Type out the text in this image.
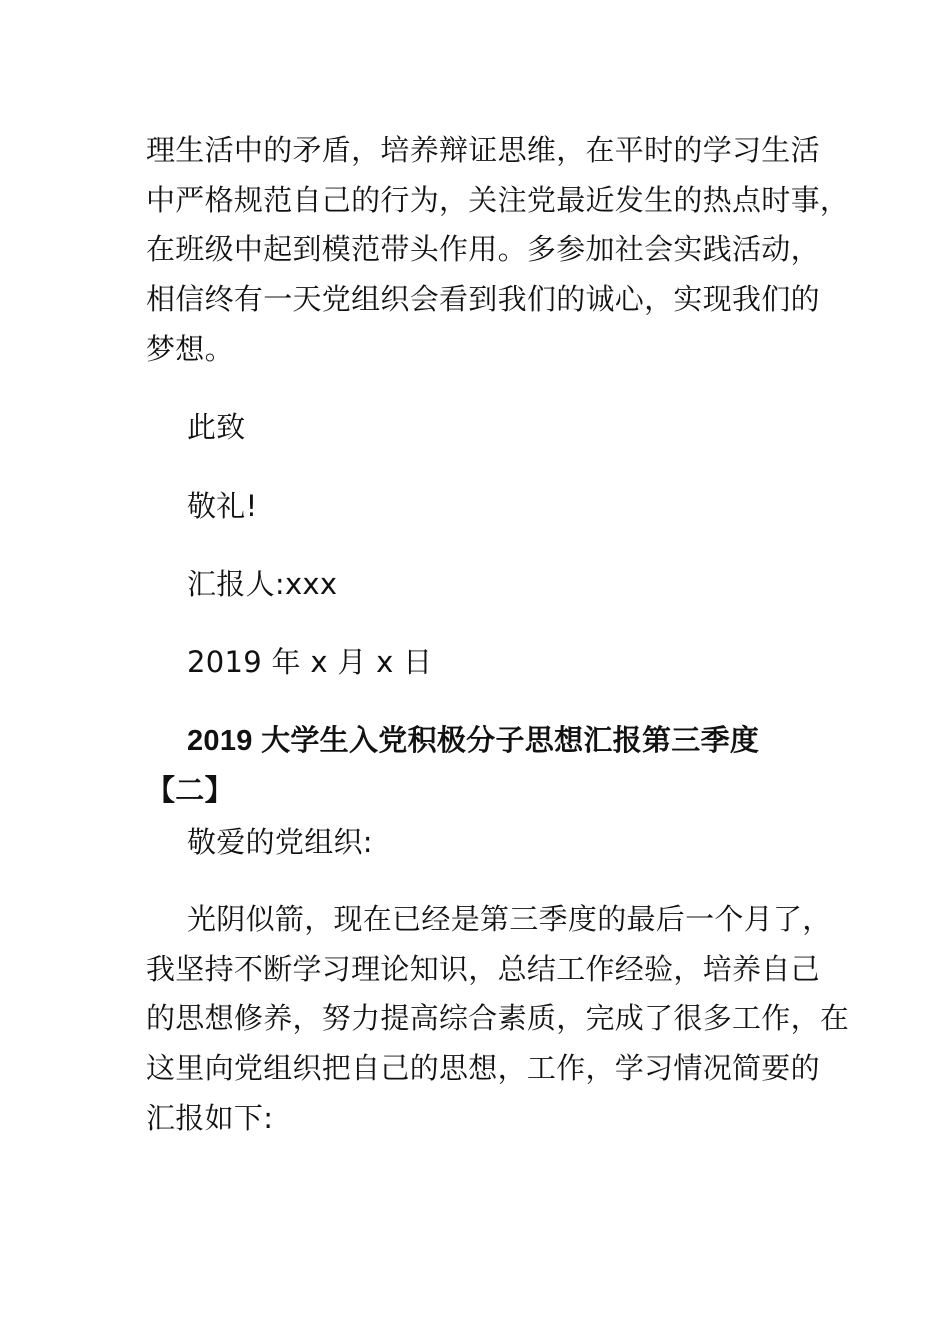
理生活中的矛盾，培养辩证思维，在平时的学习生活
中严格规范自己的行为，关注党最近发生的热点时事，
在班级中起到模范带头作用。多参加社会实践活动，
相信终有一天党组织会看到我们的诚心，实现我们的
梦想。
此致
敬礼!
汇报人:xxx
2019 年 x 月 x 日
2019 大学生入党积极分子思想汇报第三季度
【二】
敬爱的党组织:
光阴似箭，现在已经是第三季度的最后一个月了，
我坚持不断学习理论知识，总结工作经验，培养自己
的思想修养，努力提高综合素质，完成了很多工作，在
这里向党组织把自己的思想，工作，学习情况简要的
汇报如下:
